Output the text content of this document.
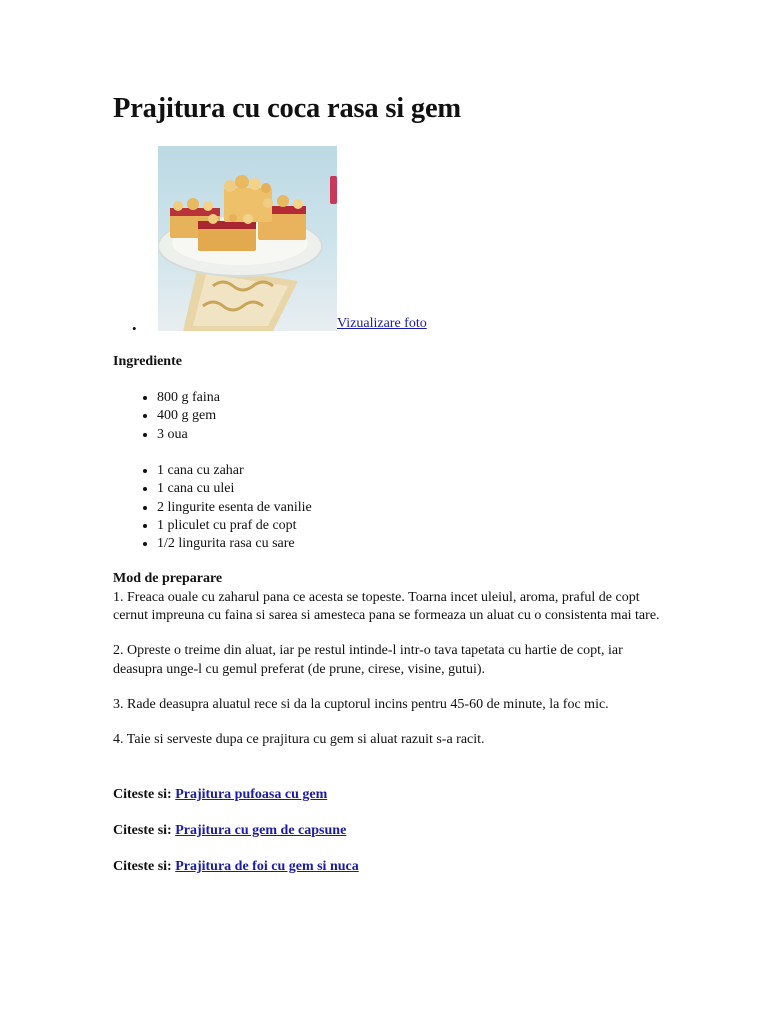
Prajitura cu coca rasa si gem
•	Vizualizare foto
Ingrediente
• 800 g faina
• 400 g gem
• 3 oua
• 1 cana cu zahar
• 1 cana cu ulei
• 2 lingurite esenta de vanilie
• 1 pliculet cu praf de copt
• 1/2 lingurita rasa cu sare
Mod de preparare

1. Freaca ouale cu zaharul pana ce acesta se topeste. Toarna incet uleiul, aroma, praful de copt cernut impreuna cu faina si sarea si amesteca pana se formeaza un aluat cu o consistenta mai tare.

2. Opreste o treime din aluat, iar pe restul intinde-l intr-o tava tapetata cu hartie de copt, iar deasupra unge-l cu gemul preferat (de prune, cirese, visine, gutui).

3. Rade deasupra aluatul rece si da la cuptorul incins pentru 45-60 de minute, la foc mic.

4. Taie si serveste dupa ce prajitura cu gem si aluat razuit s-a racit.

Citeste si: Prajitura pufoasa cu gem
Citeste si: Prajitura cu gem de capsune
Citeste si: Prajitura de foi cu gem si nuca
